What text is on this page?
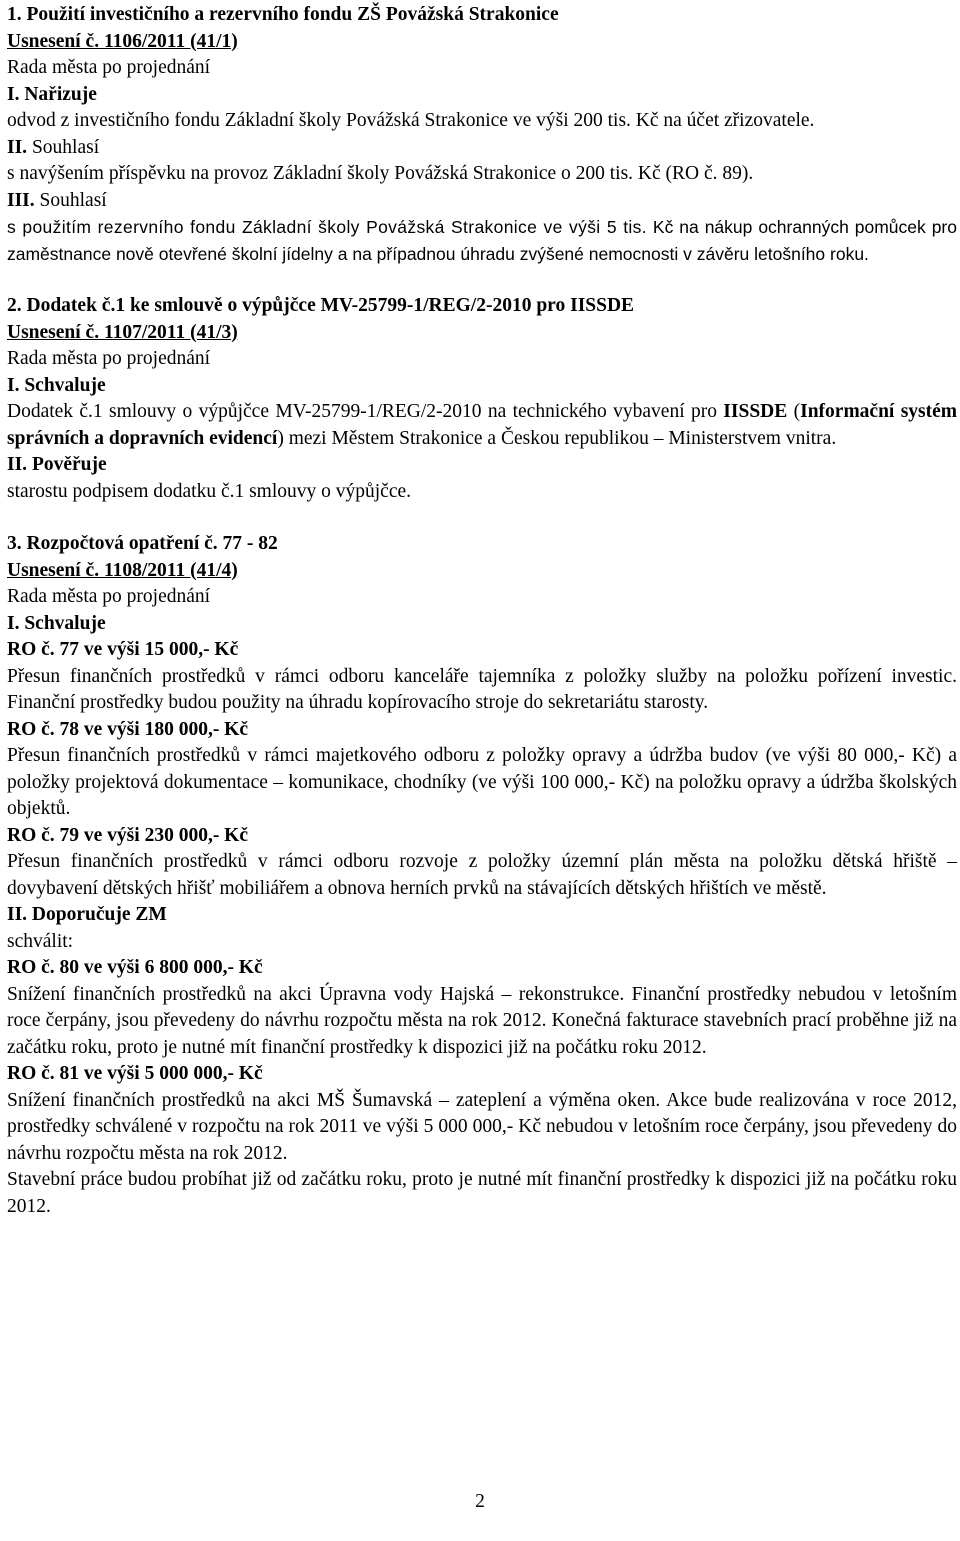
1. Použití investičního a rezervního fondu ZŠ Povážská Strakonice
Usnesení č. 1106/2011 (41/1)
Rada města po projednání
I. Nařizuje
odvod z investičního fondu Základní školy Povážská Strakonice ve výši 200 tis. Kč na účet zřizovatele.
II. Souhlasí
s navýšením příspěvku na provoz Základní školy Povážská Strakonice o 200 tis. Kč (RO č. 89).
III. Souhlasí
s použitím rezervního fondu Základní školy Povážská Strakonice ve výši 5 tis. Kč na nákup ochranných pomůcek pro zaměstnance nově otevřené školní jídelny a na případnou úhradu zvýšené nemocnosti v závěru letošního roku.
2. Dodatek č.1 ke smlouvě o výpůjčce MV-25799-1/REG/2-2010 pro IISSDE
Usnesení č. 1107/2011 (41/3)
Rada města po projednání
I. Schvaluje
Dodatek č.1 smlouvy o výpůjčce MV-25799-1/REG/2-2010 na technického vybavení pro IISSDE (Informační systém správních a dopravních evidencí) mezi Městem Strakonice a Českou republikou – Ministerstvem vnitra.
II. Pověřuje
starostu podpisem dodatku č.1 smlouvy o výpůjčce.
3. Rozpočtová opatření č. 77 - 82
Usnesení č. 1108/2011 (41/4)
Rada města po projednání
I. Schvaluje
RO č. 77 ve výši 15 000,- Kč
Přesun finančních prostředků v rámci odboru kanceláře tajemníka z položky služby na položku pořízení investic. Finanční prostředky budou použity na úhradu kopírovacího stroje do sekretariátu starosty.
RO č. 78 ve výši 180 000,- Kč
Přesun finančních prostředků v rámci majetkového odboru z položky opravy a údržba budov (ve výši 80 000,- Kč) a položky projektová dokumentace – komunikace, chodníky (ve výši 100 000,- Kč) na položku opravy a údržba školských objektů.
RO č. 79 ve výši 230 000,- Kč
Přesun finančních prostředků v rámci odboru rozvoje z položky územní plán města na položku dětská hřiště – dovybavení dětských hřišť mobiliářem a obnova herních prvků na stávajících dětských hřištích ve městě.
II. Doporučuje ZM
schválit:
RO č. 80 ve výši 6 800 000,- Kč
Snížení finančních prostředků na akci Úpravna vody Hajská – rekonstrukce. Finanční prostředky nebudou v letošním roce čerpány, jsou převedeny do návrhu rozpočtu města na rok 2012. Konečná fakturace stavebních prací proběhne již na začátku roku, proto je nutné mít finanční prostředky k dispozici již na počátku roku 2012.
RO č. 81 ve výši 5 000 000,- Kč
Snížení finančních prostředků na akci MŠ Šumavská – zateplení a výměna oken. Akce bude realizována v roce 2012, prostředky schválené v rozpočtu na rok 2011 ve výši 5 000 000,- Kč nebudou v letošním roce čerpány, jsou převedeny do návrhu rozpočtu města na rok 2012.
Stavební práce budou probíhat již od začátku roku, proto je nutné mít finanční prostředky k dispozici již na počátku roku 2012.
2
